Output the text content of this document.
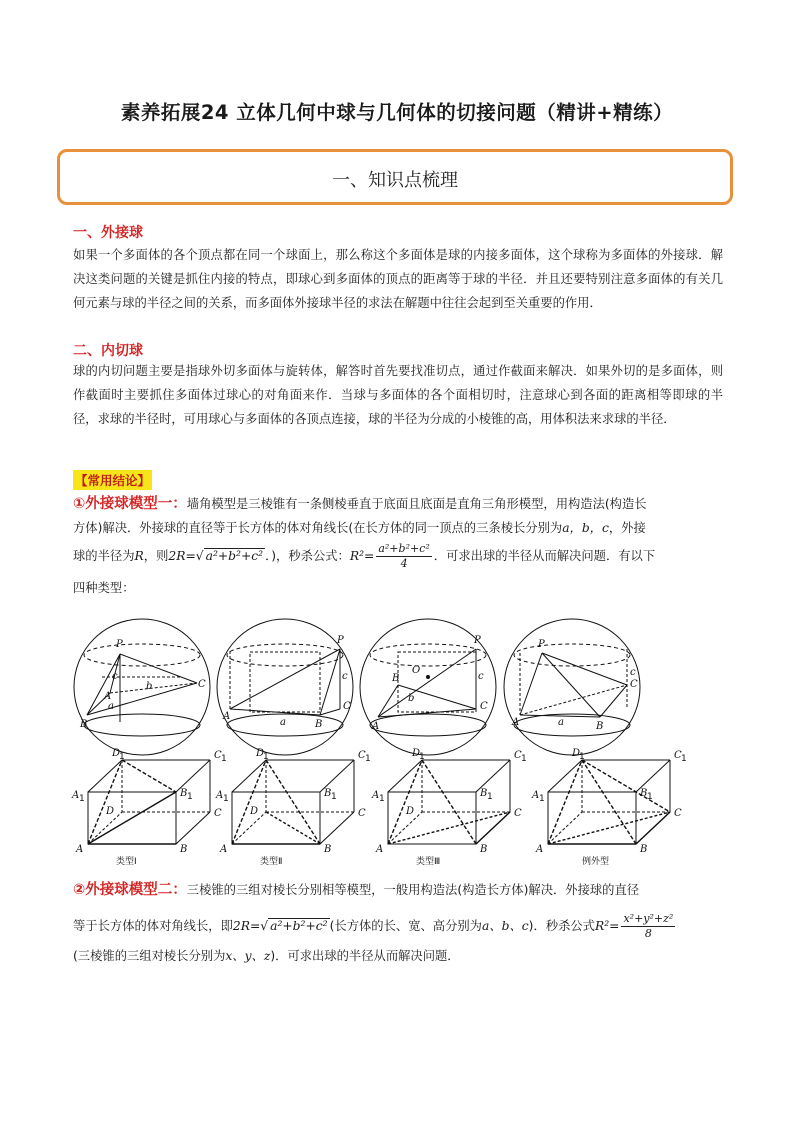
素养拓展24 立体几何中球与几何体的切接问题（精讲+精练）
一、知识点梳理
一、外接球
如果一个多面体的各个顶点都在同一个球面上，那么称这个多面体是球的内接多面体，这个球称为多面体的外接球．解决这类问题的关键是抓住内接的特点，即球心到多面体的顶点的距离等于球的半径．并且还要特别注意多面体的有关几何元素与球的半径之间的关系，而多面体外接球半径的求法在解题中往往会起到至关重要的作用．
二、内切球
球的内切问题主要是指球外切多面体与旋转体，解答时首先要找准切点，通过作截面来解决．如果外切的是多面体，则作截面时主要抓住多面体过球心的对角面来作．当球与多面体的各个面相切时，注意球心到各面的距离相等即球的半径，求球的半径时，可用球心与多面体的各顶点连接，球的半径为分成的小棱锥的高，用体积法来求球的半径．
【常用结论】
①外接球模型一：墙角模型是三棱锥有一条侧棱垂直于底面且底面是直角三角形模型，用构造法(构造长
方体)解决．外接球的直径等于长方体的体对角线长(在长方体的同一顶点的三条棱长分别为a，b，c，外接
球的半径为R，则2R=√ a²+b²+c² ．)，秒杀公式：$R^2= \frac{\text{a²+b²+c²}}{4}$ ．可求出球的半径从而解决问题．有以下
四种类型：
P
A
B
C
c
a
b
P
A
B
C
c
a
O
P
A
B
C
c
b
P
A	B
C
c
a
D
1	C 1
A 1	B 1
D	C
A	B
类型Ⅰ
D
1	C 1
A 1	B 1
D	C
A	B
类型Ⅱ
D
1	C 1
A 1	B 1
D	C
A	B
类型Ⅲ
D
1	C 1
A 1	B 1
C
A	B
例外型
②外接球模型二：三棱锥的三组对棱长分别相等模型，一般用构造法(构造长方体)解决．外接球的直径
等于长方体的体对角线长，即2R=√ a²+b²+c² (长方体的长、宽、高分别为a、b、c)．秒杀公式$R^2= \frac{\text{x²+y²+z²}}{8}$
(三棱锥的三组对棱长分别为x、y、z)．可求出球的半径从而解决问题．
